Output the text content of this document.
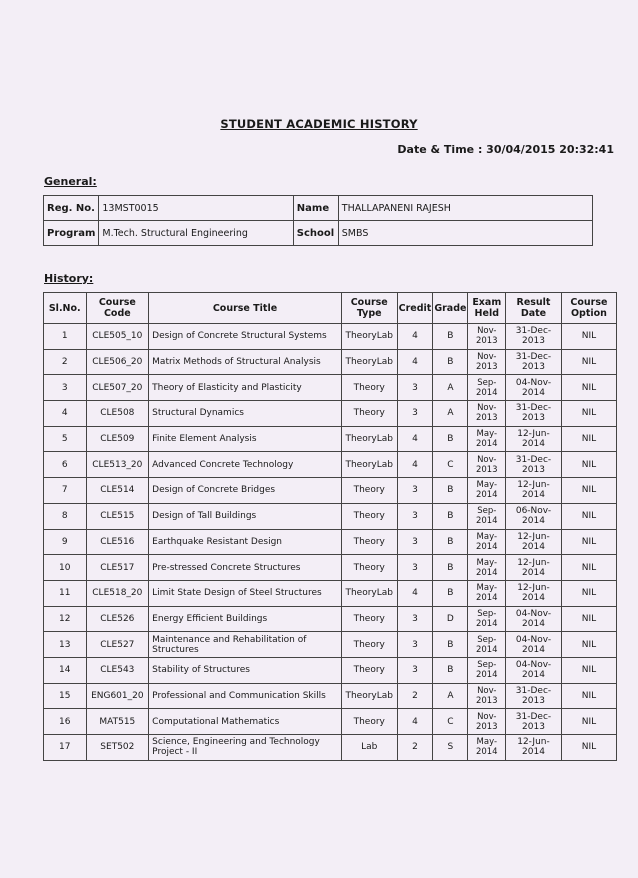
STUDENT ACADEMIC HISTORY
Date & Time : 30/04/2015 20:32:41
General:
Reg. No.	13MST0015	Name	THALLAPANENI RAJESH
Program	M.Tech. Structural Engineering	School	SMBS
History:
Sl.No.	Course Code	Course Title	Course Type	Credit	Grade	Exam Held	Result Date	Course Option
1	CLE505_10	Design of Concrete Structural Systems	TheoryLab	4	B	Nov-2013	31-Dec-2013	NIL
2	CLE506_20	Matrix Methods of Structural Analysis	TheoryLab	4	B	Nov-2013	31-Dec-2013	NIL
3	CLE507_20	Theory of Elasticity and Plasticity	Theory	3	A	Sep-2014	04-Nov-2014	NIL
4	CLE508	Structural Dynamics	Theory	3	A	Nov-2013	31-Dec-2013	NIL
5	CLE509	Finite Element Analysis	TheoryLab	4	B	May-2014	12-Jun-2014	NIL
6	CLE513_20	Advanced Concrete Technology	TheoryLab	4	C	Nov-2013	31-Dec-2013	NIL
7	CLE514	Design of Concrete Bridges	Theory	3	B	May-2014	12-Jun-2014	NIL
8	CLE515	Design of Tall Buildings	Theory	3	B	Sep-2014	06-Nov-2014	NIL
9	CLE516	Earthquake Resistant Design	Theory	3	B	May-2014	12-Jun-2014	NIL
10	CLE517	Pre-stressed Concrete Structures	Theory	3	B	May-2014	12-Jun-2014	NIL
11	CLE518_20	Limit State Design of Steel Structures	TheoryLab	4	B	May-2014	12-Jun-2014	NIL
12	CLE526	Energy Efficient Buildings	Theory	3	D	Sep-2014	04-Nov-2014	NIL
13	CLE527	Maintenance and Rehabilitation of Structures	Theory	3	B	Sep-2014	04-Nov-2014	NIL
14	CLE543	Stability of Structures	Theory	3	B	Sep-2014	04-Nov-2014	NIL
15	ENG601_20	Professional and Communication Skills	TheoryLab	2	A	Nov-2013	31-Dec-2013	NIL
16	MAT515	Computational Mathematics	Theory	4	C	Nov-2013	31-Dec-2013	NIL
17	SET502	Science, Engineering and Technology Project - II	Lab	2	S	May-2014	12-Jun-2014	NIL
